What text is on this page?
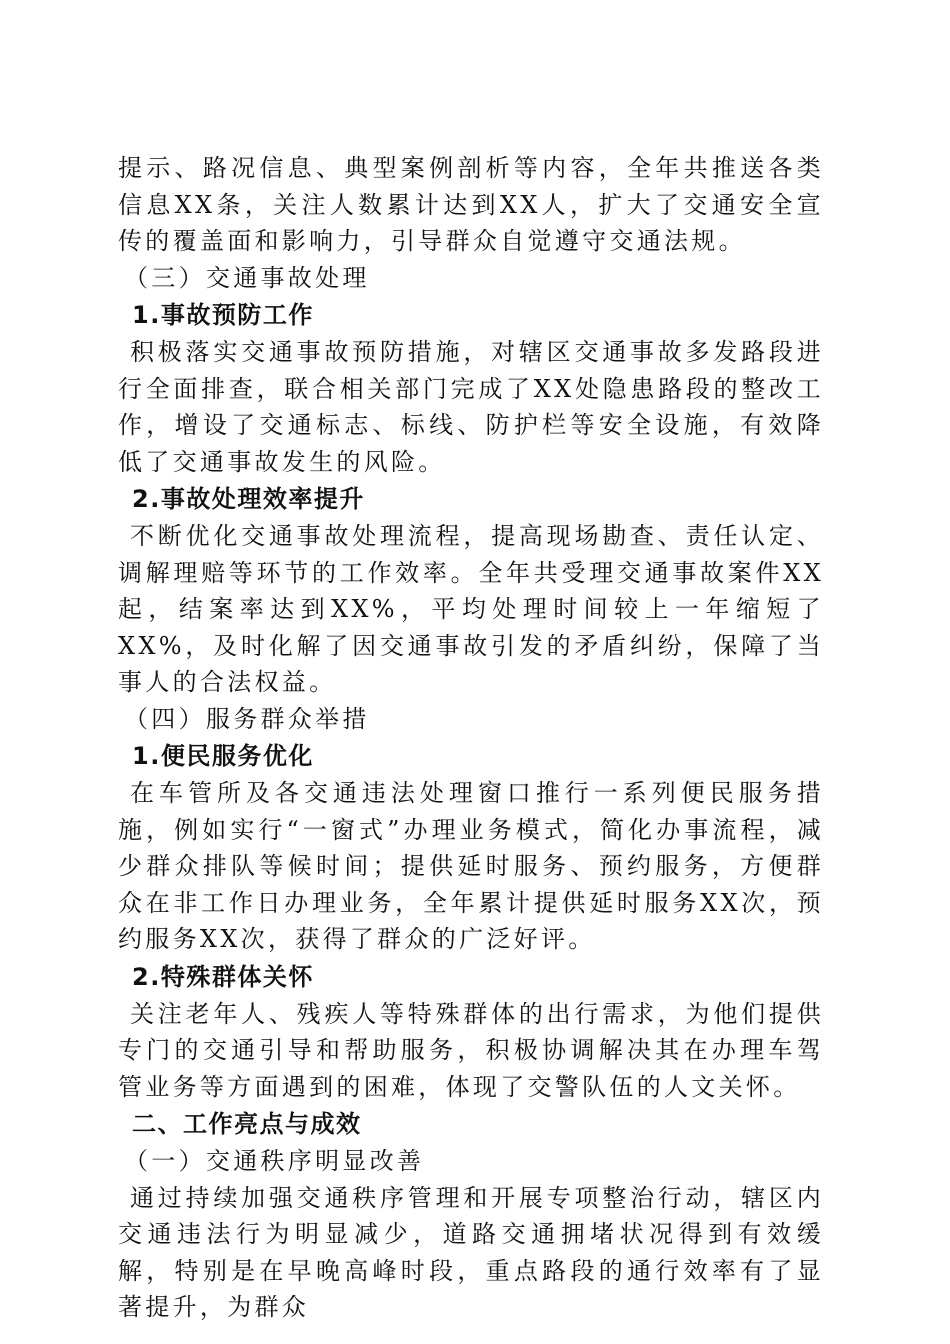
提示、路况信息、典型案例剖析等内容，全年共推送各类信息XX条，关注人数累计达到XX人，扩大了交通安全宣传的覆盖面和影响力，引导群众自觉遵守交通法规。

（三）交通事故处理

1.事故预防工作

积极落实交通事故预防措施，对辖区交通事故多发路段进行全面排查，联合相关部门完成了XX处隐患路段的整改工作，增设了交通标志、标线、防护栏等安全设施，有效降低了交通事故发生的风险。

2.事故处理效率提升

不断优化交通事故处理流程，提高现场勘查、责任认定、调解理赔等环节的工作效率。全年共受理交通事故案件XX起，结案率达到XX%，平均处理时间较上一年缩短了XX%，及时化解了因交通事故引发的矛盾纠纷，保障了当事人的合法权益。

（四）服务群众举措

1.便民服务优化

在车管所及各交通违法处理窗口推行一系列便民服务措施，例如实行“一窗式”办理业务模式，简化办事流程，减少群众排队等候时间；提供延时服务、预约服务，方便群众在非工作日办理业务，全年累计提供延时服务XX次，预约服务XX次，获得了群众的广泛好评。

2.特殊群体关怀

关注老年人、残疾人等特殊群体的出行需求，为他们提供专门的交通引导和帮助服务，积极协调解决其在办理车驾管业务等方面遇到的困难，体现了交警队伍的人文关怀。

二、工作亮点与成效

（一）交通秩序明显改善

通过持续加强交通秩序管理和开展专项整治行动，辖区内交通违法行为明显减少，道路交通拥堵状况得到有效缓解，特别是在早晚高峰时段，重点路段的通行效率有了显著提升，为群众
